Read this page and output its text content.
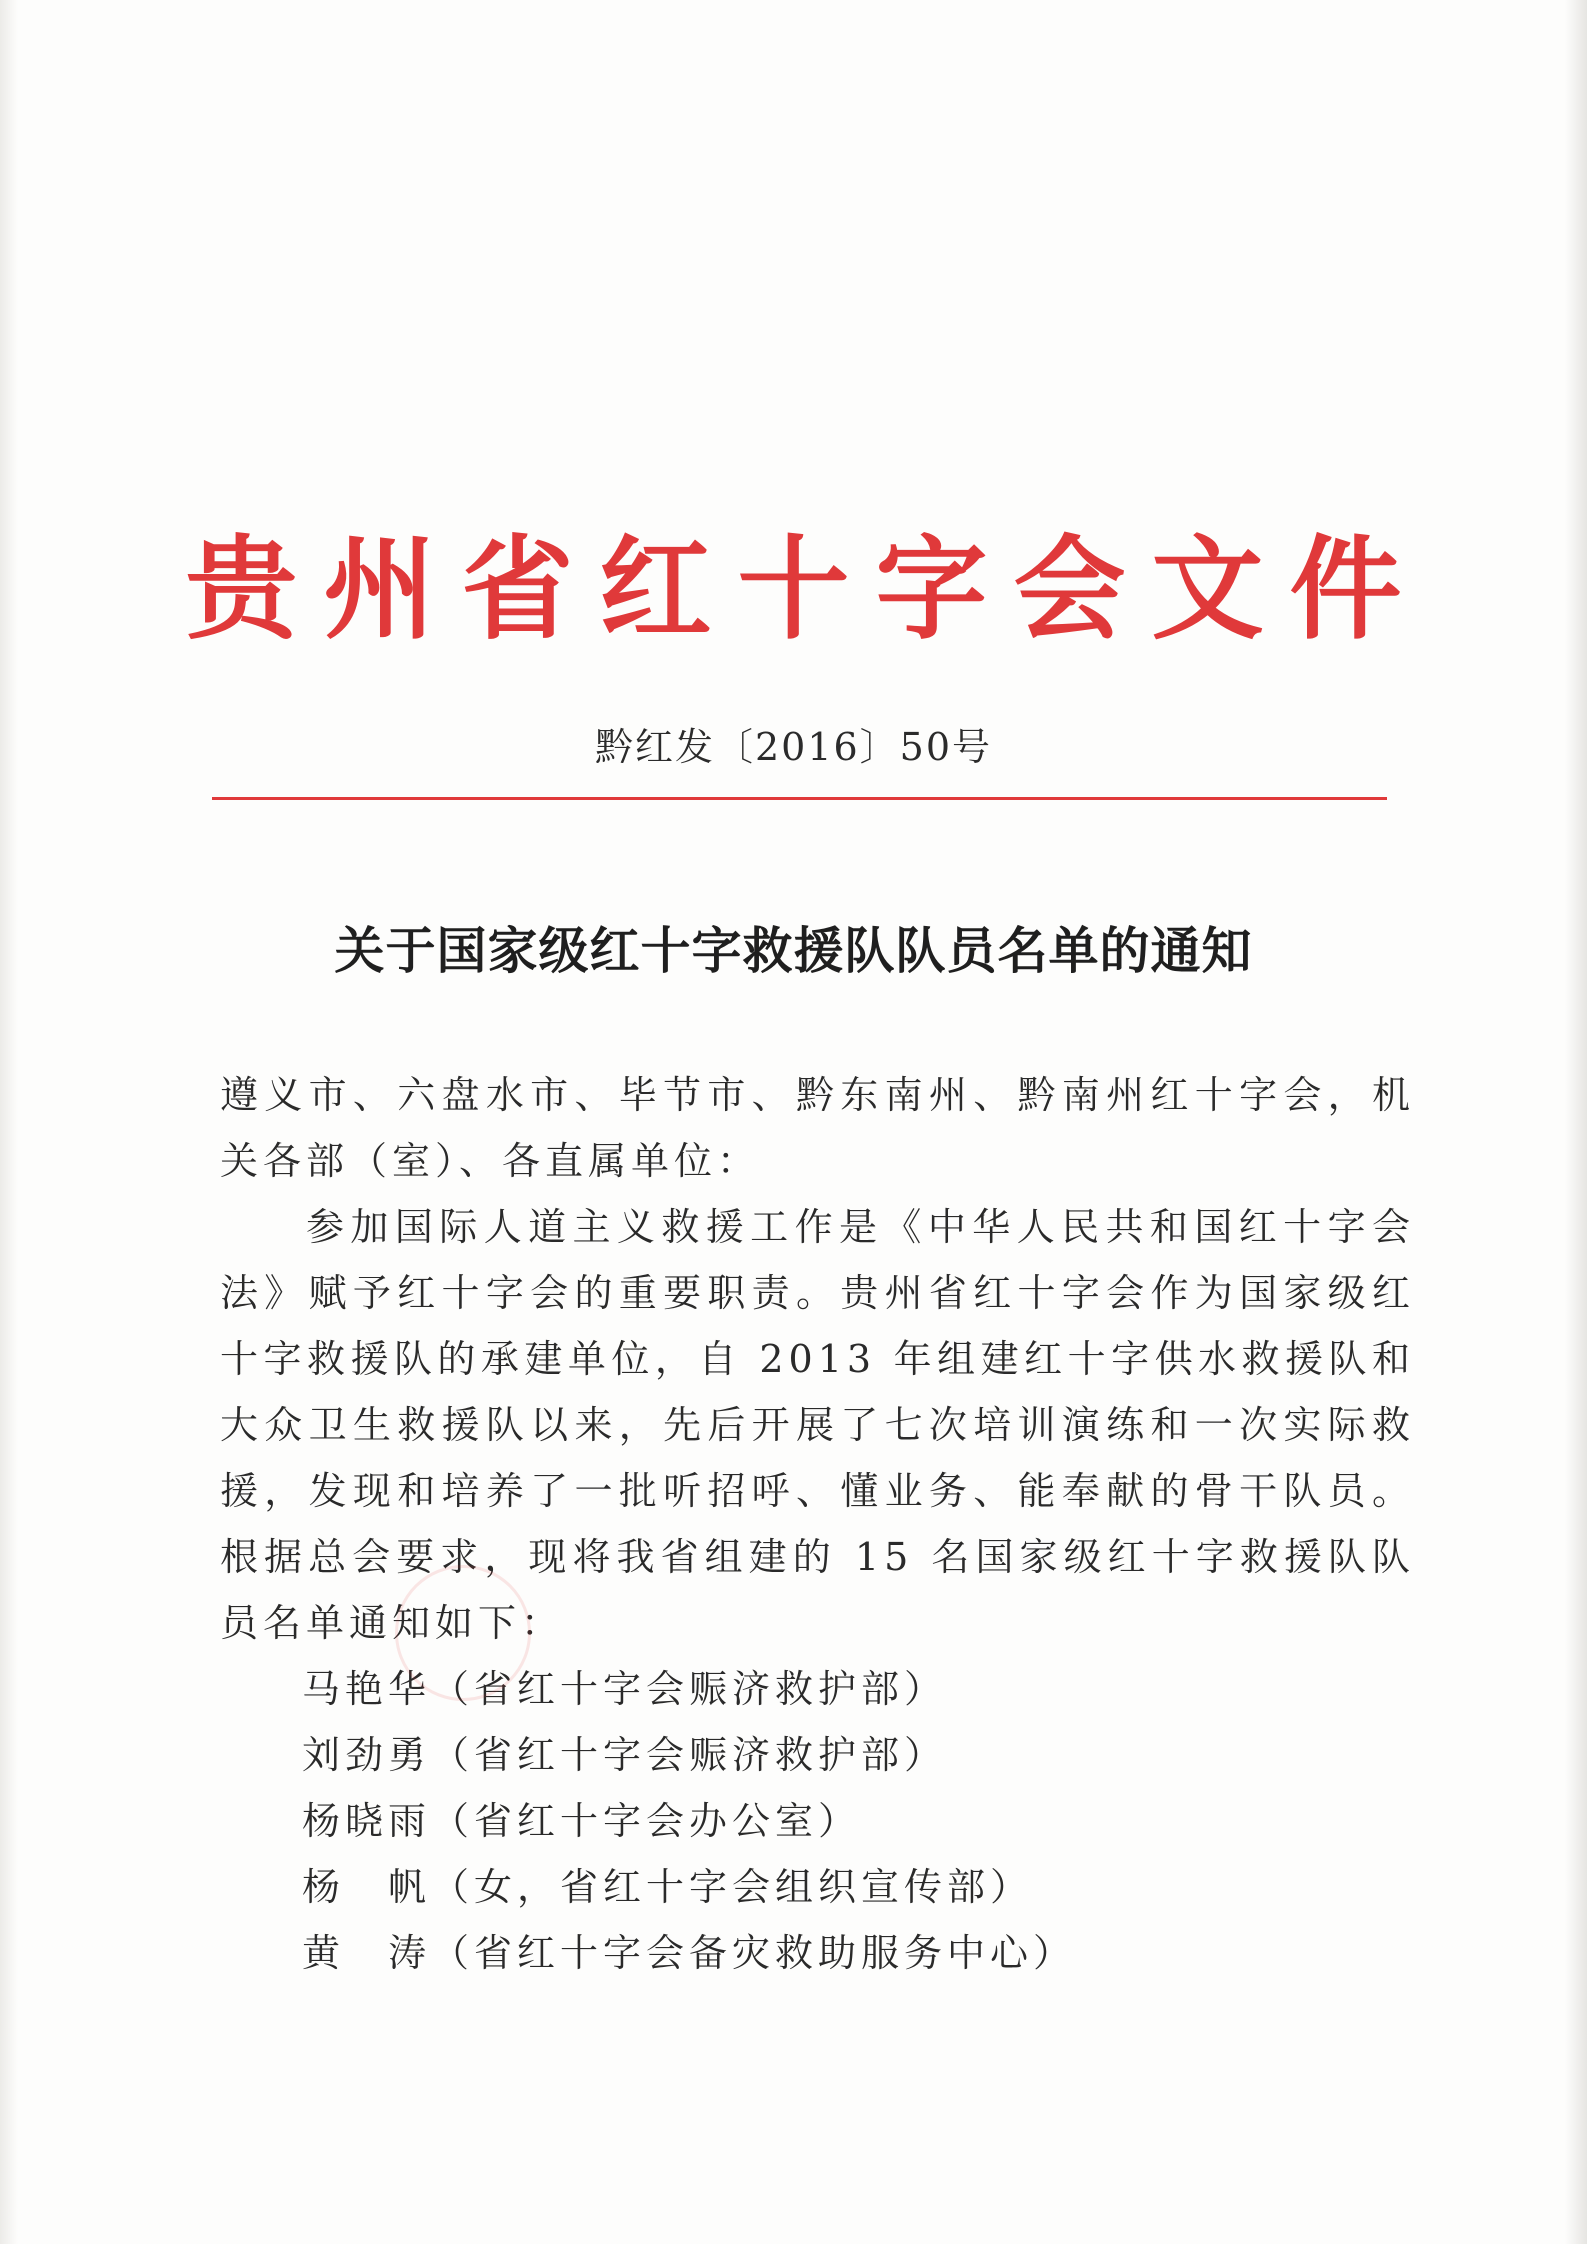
贵州省红十字会文件
黔红发〔2016〕50号
关于国家级红十字救援队队员名单的通知

遵义市、六盘水市、毕节市、黔东南州、黔南州红十字会，机关各部（室）、各直属单位：

参加国际人道主义救援工作是《中华人民共和国红十字会法》赋予红十字会的重要职责。贵州省红十字会作为国家级红十字救援队的承建单位，自 2013 年组建红十字供水救援队和大众卫生救援队以来，先后开展了七次培训演练和一次实际救援，发现和培养了一批听招呼、懂业务、能奉献的骨干队员。根据总会要求，现将我省组建的 15 名国家级红十字救援队队员名单通知如下：

马艳华（省红十字会赈济救护部）
刘劲勇（省红十字会赈济救护部）
杨晓雨（省红十字会办公室）
杨　帆（女，省红十字会组织宣传部）
黄　涛（省红十字会备灾救助服务中心）
